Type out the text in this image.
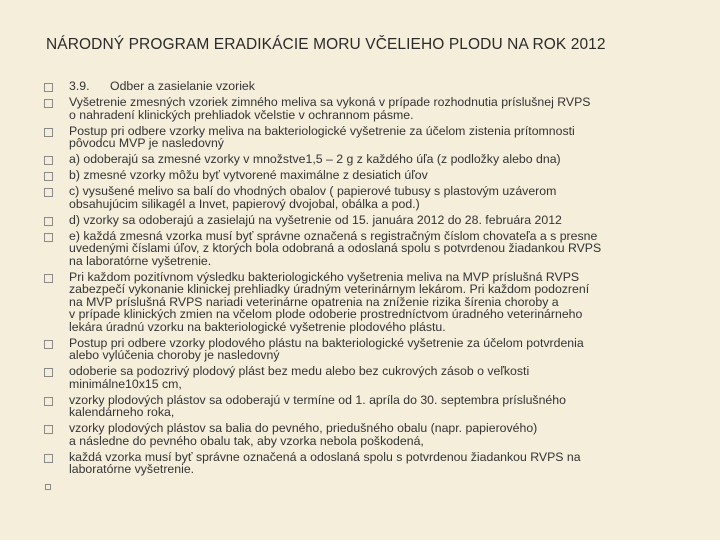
NÁRODNÝ PROGRAM ERADIKÁCIE MORU VČELIEHO PLODU NA ROK 2012
3.9.      Odber a zasielanie vzoriek
Vyšetrenie zmesných vzoriek zimného meliva sa vykoná v prípade rozhodnutia príslušnej RVPS
o nahradení klinických prehliadok včelstie v ochrannom pásme.
Postup pri odbere vzorky meliva na bakteriologické vyšetrenie za účelom zistenia prítomnosti
pôvodcu MVP je nasledovný
a) odoberajú sa zmesné vzorky v množstve1,5 – 2 g z každého úľa (z podložky alebo dna)
b) zmesné vzorky môžu byť vytvorené maximálne z desiatich úľov
c) vysušené melivo sa balí do vhodných obalov ( papierové tubusy s plastovým uzáverom
obsahujúcim silikagél a Invet, papierový dvojobal, obálka a pod.)
d) vzorky sa odoberajú a zasielajú na vyšetrenie od 15. januára 2012 do 28. februára 2012
e) každá zmesná vzorka musí byť správne označená s registračným číslom chovateľa a s presne
uvedenými číslami úľov, z ktorých bola odobraná a odoslaná spolu s potvrdenou žiadankou RVPS
na laboratórne vyšetrenie.
Pri každom pozitívnom výsledku bakteriologického vyšetrenia meliva na MVP príslušná RVPS
zabezpečí vykonanie klinickej prehliadky úradným veterinárnym lekárom. Pri každom podozrení
na MVP príslušná RVPS nariadi veterinárne opatrenia na zníženie rizika šírenia choroby a
v prípade klinických zmien na včelom plode odoberie prostredníctvom úradného veterinárneho
lekára úradnú vzorku na bakteriologické vyšetrenie plodového plástu.
Postup pri odbere vzorky plodového plástu na bakteriologické vyšetrenie za účelom potvrdenia
alebo vylúčenia choroby je nasledovný
odoberie sa podozrivý plodový plást bez medu alebo bez cukrových zásob o veľkosti
minimálne10x15 cm,
vzorky plodových plástov sa odoberajú v termíne od 1. apríla do 30. septembra príslušného
kalendárneho roka,
vzorky plodových plástov sa balia do pevného, priedušného obalu (napr. papierového)
a následne do pevného obalu tak, aby vzorka nebola poškodená,
každá vzorka musí byť správne označená a odoslaná spolu s potvrdenou žiadankou RVPS na
laboratórne vyšetrenie.
